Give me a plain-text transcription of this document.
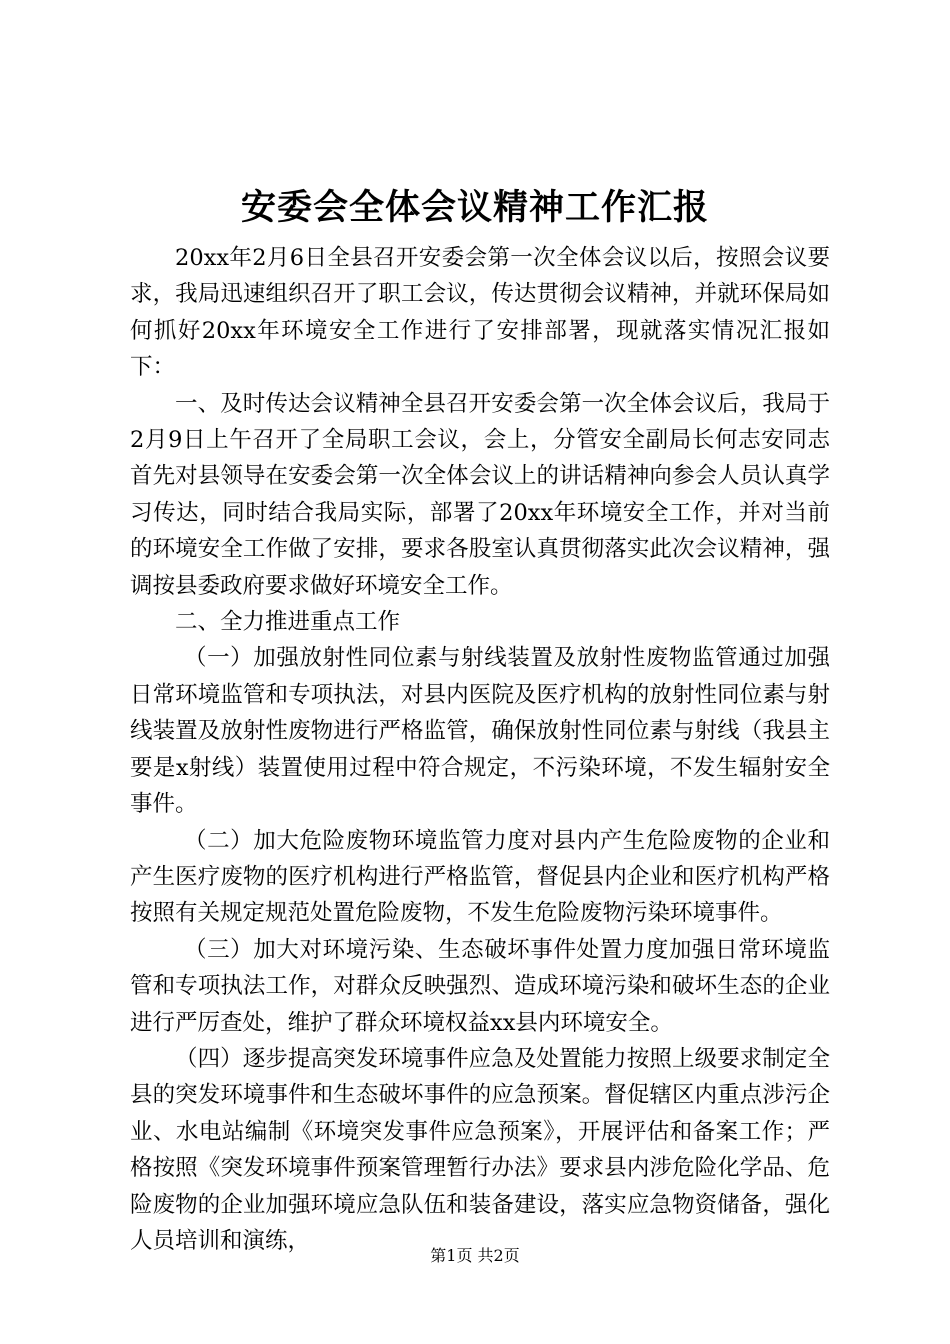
安委会全体会议精神工作汇报

20xx年2月6日全县召开安委会第一次全体会议以后，按照会议要求，我局迅速组织召开了职工会议，传达贯彻会议精神，并就环保局如何抓好20xx年环境安全工作进行了安排部署，现就落实情况汇报如下：

一、及时传达会议精神全县召开安委会第一次全体会议后，我局于2月9日上午召开了全局职工会议，会上，分管安全副局长何志安同志首先对县领导在安委会第一次全体会议上的讲话精神向参会人员认真学习传达，同时结合我局实际，部署了20xx年环境安全工作，并对当前的环境安全工作做了安排，要求各股室认真贯彻落实此次会议精神，强调按县委政府要求做好环境安全工作。

二、全力推进重点工作

（一）加强放射性同位素与射线装置及放射性废物监管通过加强日常环境监管和专项执法，对县内医院及医疗机构的放射性同位素与射线装置及放射性废物进行严格监管，确保放射性同位素与射线（我县主要是x射线）装置使用过程中符合规定，不污染环境，不发生辐射安全事件。

（二）加大危险废物环境监管力度对县内产生危险废物的企业和产生医疗废物的医疗机构进行严格监管，督促县内企业和医疗机构严格按照有关规定规范处置危险废物，不发生危险废物污染环境事件。

（三）加大对环境污染、生态破坏事件处置力度加强日常环境监管和专项执法工作，对群众反映强烈、造成环境污染和破坏生态的企业进行严厉查处，维护了群众环境权益xx县内环境安全。

（四）逐步提高突发环境事件应急及处置能力按照上级要求制定全县的突发环境事件和生态破坏事件的应急预案。督促辖区内重点涉污企业、水电站编制《环境突发事件应急预案》，开展评估和备案工作；严格按照《突发环境事件预案管理暂行办法》要求县内涉危险化学品、危险废物的企业加强环境应急队伍和装备建设，落实应急物资储备，强化人员培训和演练，

第1页 共2页
